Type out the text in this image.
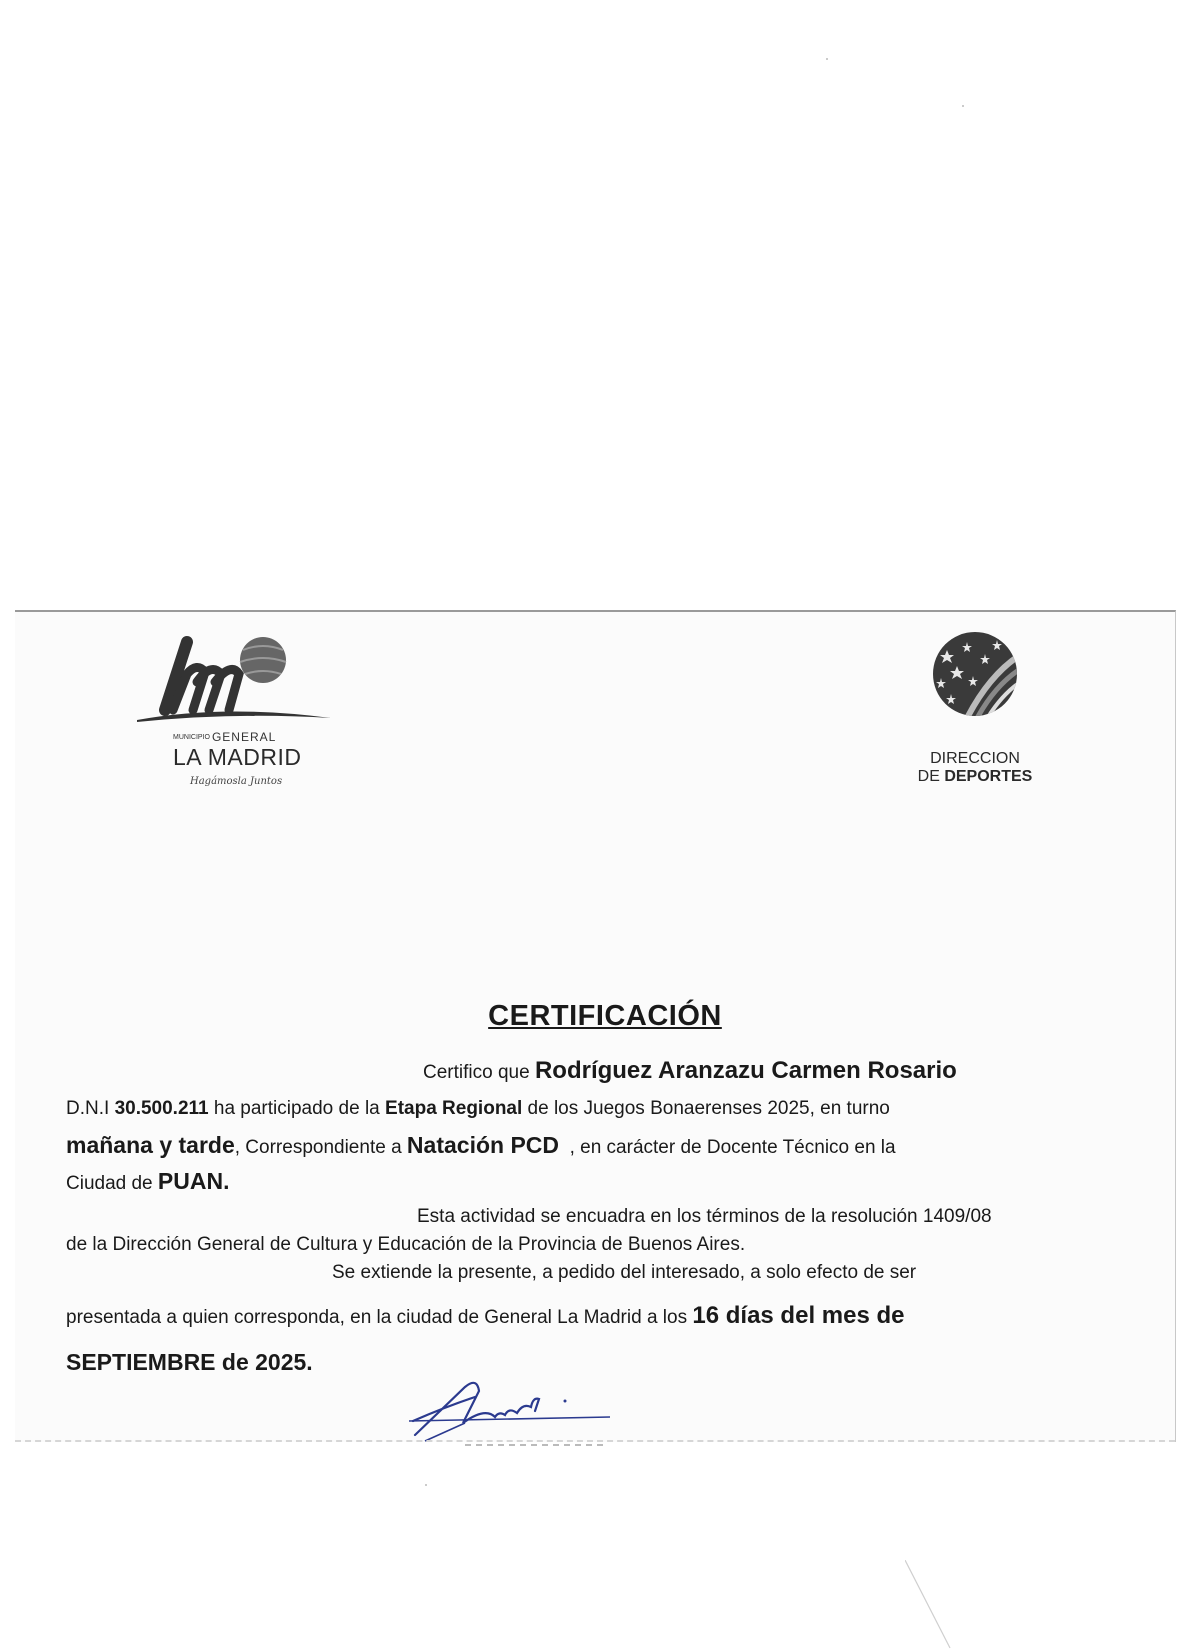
MUNICIPIO GENERAL
LA MADRID
Hagámosla Juntos
DIRECCION
DE DEPORTES
CERTIFICACIÓN
Certifico que Rodríguez Aranzazu Carmen Rosario
D.N.I 30.500.211 ha participado de la Etapa Regional de los Juegos Bonaerenses 2025, en turno
mañana y tarde, Correspondiente a Natación PCD , en carácter de Docente Técnico en la
Ciudad de PUAN.
Esta actividad se encuadra en los términos de la resolución 1409/08
de la Dirección General de Cultura y Educación de la Provincia de Buenos Aires.
Se extiende la presente, a pedido del interesado, a solo efecto de ser
presentada a quien corresponda, en la ciudad de General La Madrid a los 16 días del mes de
SEPTIEMBRE de 2025.
